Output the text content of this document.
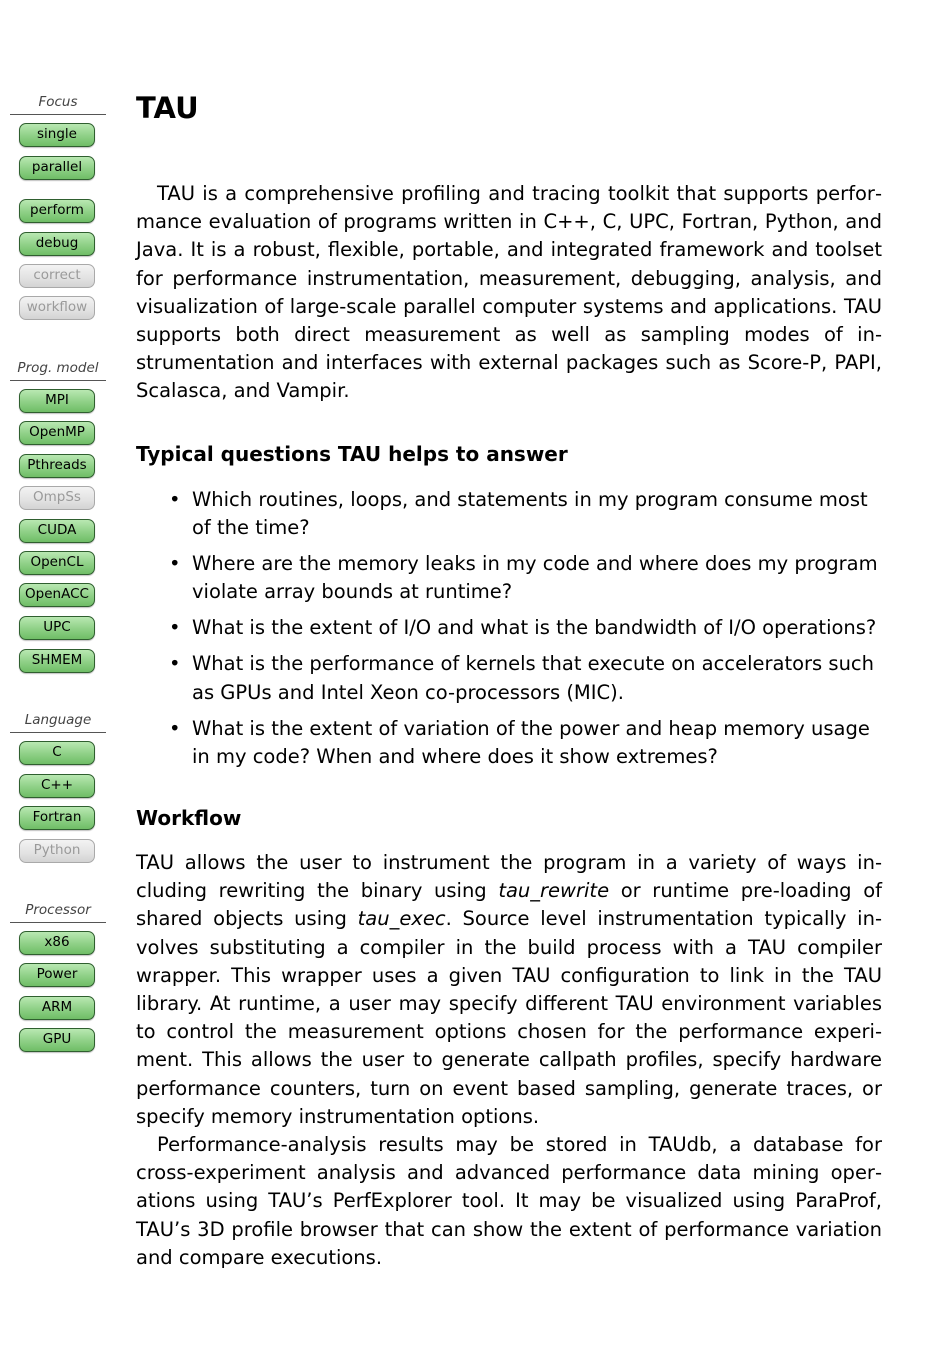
Focus
single
parallel
perform
debug
correct
workflow
Prog. model
MPI
OpenMP
Pthreads
OmpSs
CUDA
OpenCL
OpenACC
UPC
SHMEM
Language
C
C++
Fortran
Python
Processor
x86
Power
ARM
GPU
TAU

TAU is a comprehensive profiling and tracing toolkit that supports performance evaluation of programs written in C++, C, UPC, Fortran, Python, and Java. It is a robust, flexible, portable, and integrated framework and toolset for performance instrumentation, measurement, debugging, analysis, and visualization of large-scale parallel computer systems and applications. TAU supports both direct measurement as well as sampling modes of instrumentation and interfaces with external packages such as Score-P, PAPI, Scalasca, and Vampir.

Typical questions TAU helps to answer
• Which routines, loops, and statements in my program consume most of the time?
• Where are the memory leaks in my code and where does my program violate array bounds at runtime?
• What is the extent of I/O and what is the bandwidth of I/O operations?
• What is the performance of kernels that execute on accelerators such as GPUs and Intel Xeon co-processors (MIC).
• What is the extent of variation of the power and heap memory usage in my code? When and where does it show extremes?
Workflow

TAU allows the user to instrument the program in a variety of ways including rewriting the binary using tau_rewrite or runtime pre-loading of shared objects using tau_exec. Source level instrumentation typically involves substituting a compiler in the build process with a TAU compiler wrapper. This wrapper uses a given TAU configuration to link in the TAU library. At runtime, a user may specify different TAU environment variables to control the measurement options chosen for the performance experiment. This allows the user to generate callpath profiles, specify hardware performance counters, turn on event based sampling, generate traces, or specify memory instrumentation options.

Performance-analysis results may be stored in TAUdb, a database for cross-experiment analysis and advanced performance data mining operations using TAU’s PerfExplorer tool. It may be visualized using ParaProf, TAU’s 3D profile browser that can show the extent of performance variation and compare executions.
